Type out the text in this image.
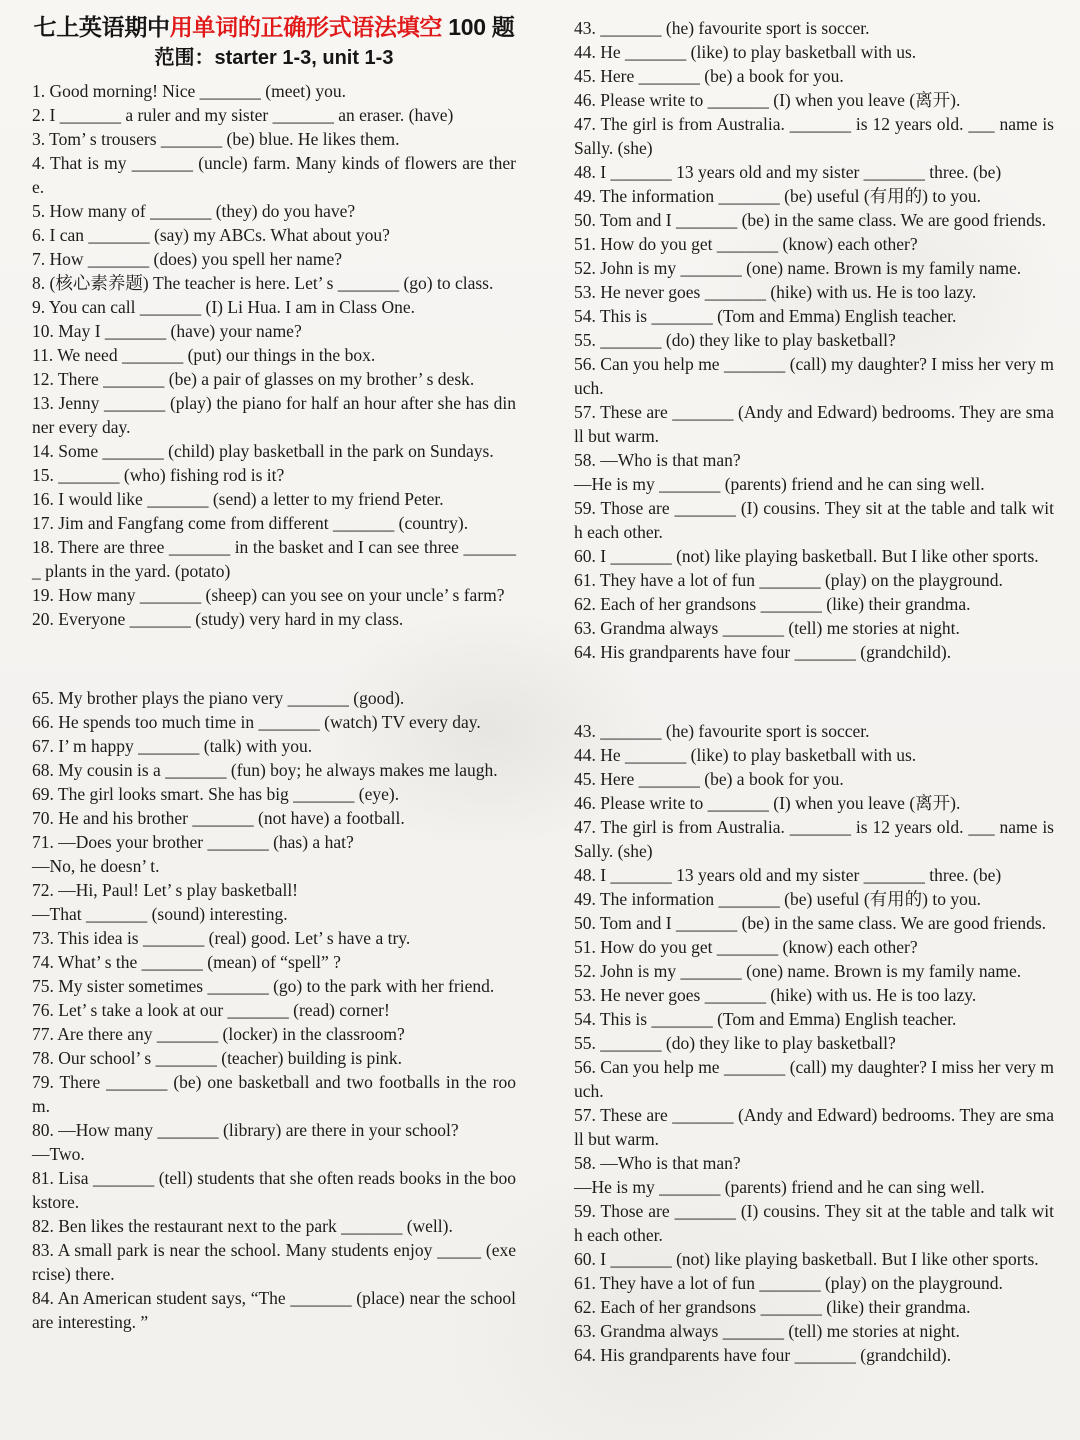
七上英语期中用单词的正确形式语法填空 100 题
范围：starter 1-3, unit 1-3
1. Good morning! Nice _______ (meet) you.
2. I _______ a ruler and my sister _______ an eraser. (have)
3. Tom’ s trousers _______ (be) blue. He likes them.
4. That is my _______ (uncle) farm. Many kinds of flowers are there.
5. How many of _______ (they) do you have?
6. I can _______ (say) my ABCs. What about you?
7. How _______ (does) you spell her name?
8. (核心素养题) The teacher is here. Let’ s _______ (go) to class.
9. You can call _______ (I) Li Hua. I am in Class One.
10. May I _______ (have) your name?
11. We need _______ (put) our things in the box.
12. There _______ (be) a pair of glasses on my brother’ s desk.
13. Jenny _______ (play) the piano for half an hour after she has dinner every day.
14. Some _______ (child) play basketball in the park on Sundays.
15. _______ (who) fishing rod is it?
16. I would like _______ (send) a letter to my friend Peter.
17. Jim and Fangfang come from different _______ (country).
18. There are three _______ in the basket and I can see three _______ plants in the yard. (potato)
19. How many _______ (sheep) can you see on your uncle’ s farm?
20. Everyone _______ (study) very hard in my class.
65. My brother plays the piano very _______ (good).
66. He spends too much time in _______ (watch) TV every day.
67. I’ m happy _______ (talk) with you.
68. My cousin is a _______ (fun) boy; he always makes me laugh.
69. The girl looks smart. She has big _______ (eye).
70. He and his brother _______ (not have) a football.
71. —Does your brother _______ (has) a hat?
—No, he doesn’ t.
72. —Hi, Paul! Let’ s play basketball!
—That _______ (sound) interesting.
73. This idea is _______ (real) good. Let’ s have a try.
74. What’ s the _______ (mean) of “spell” ?
75. My sister sometimes _______ (go) to the park with her friend.
76. Let’ s take a look at our _______ (read) corner!
77. Are there any _______ (locker) in the classroom?
78. Our school’ s _______ (teacher) building is pink.
79. There _______ (be) one basketball and two footballs in the room.
80. —How many _______ (library) are there in your school?
—Two.
81. Lisa _______ (tell) students that she often reads books in the bookstore.
82. Ben likes the restaurant next to the park _______ (well).
83. A small park is near the school. Many students enjoy _____ (exercise) there.
84. An American student says, “The _______ (place) near the school are interesting. ”
43. _______ (he) favourite sport is soccer.
44. He _______ (like) to play basketball with us.
45. Here _______ (be) a book for you.
46. Please write to _______ (I) when you leave (离开).
47. The girl is from Australia. _______ is 12 years old. ___ name is Sally. (she)
48. I _______ 13 years old and my sister _______ three. (be)
49. The information _______ (be) useful (有用的) to you.
50. Tom and I _______ (be) in the same class. We are good friends.
51. How do you get _______ (know) each other?
52. John is my _______ (one) name. Brown is my family name.
53. He never goes _______ (hike) with us. He is too lazy.
54. This is _______ (Tom and Emma) English teacher.
55. _______ (do) they like to play basketball?
56. Can you help me _______ (call) my daughter? I miss her very much.
57. These are _______ (Andy and Edward) bedrooms. They are small but warm.
58. —Who is that man?
—He is my _______ (parents) friend and he can sing well.
59. Those are _______ (I) cousins. They sit at the table and talk with each other.
60. I _______ (not) like playing basketball. But I like other sports.
61. They have a lot of fun _______ (play) on the playground.
62. Each of her grandsons _______ (like) their grandma.
63. Grandma always _______ (tell) me stories at night.
64. His grandparents have four _______ (grandchild).
43. _______ (he) favourite sport is soccer.
44. He _______ (like) to play basketball with us.
45. Here _______ (be) a book for you.
46. Please write to _______ (I) when you leave (离开).
47. The girl is from Australia. _______ is 12 years old. ___ name is Sally. (she)
48. I _______ 13 years old and my sister _______ three. (be)
49. The information _______ (be) useful (有用的) to you.
50. Tom and I _______ (be) in the same class. We are good friends.
51. How do you get _______ (know) each other?
52. John is my _______ (one) name. Brown is my family name.
53. He never goes _______ (hike) with us. He is too lazy.
54. This is _______ (Tom and Emma) English teacher.
55. _______ (do) they like to play basketball?
56. Can you help me _______ (call) my daughter? I miss her very much.
57. These are _______ (Andy and Edward) bedrooms. They are small but warm.
58. —Who is that man?
—He is my _______ (parents) friend and he can sing well.
59. Those are _______ (I) cousins. They sit at the table and talk with each other.
60. I _______ (not) like playing basketball. But I like other sports.
61. They have a lot of fun _______ (play) on the playground.
62. Each of her grandsons _______ (like) their grandma.
63. Grandma always _______ (tell) me stories at night.
64. His grandparents have four _______ (grandchild).
